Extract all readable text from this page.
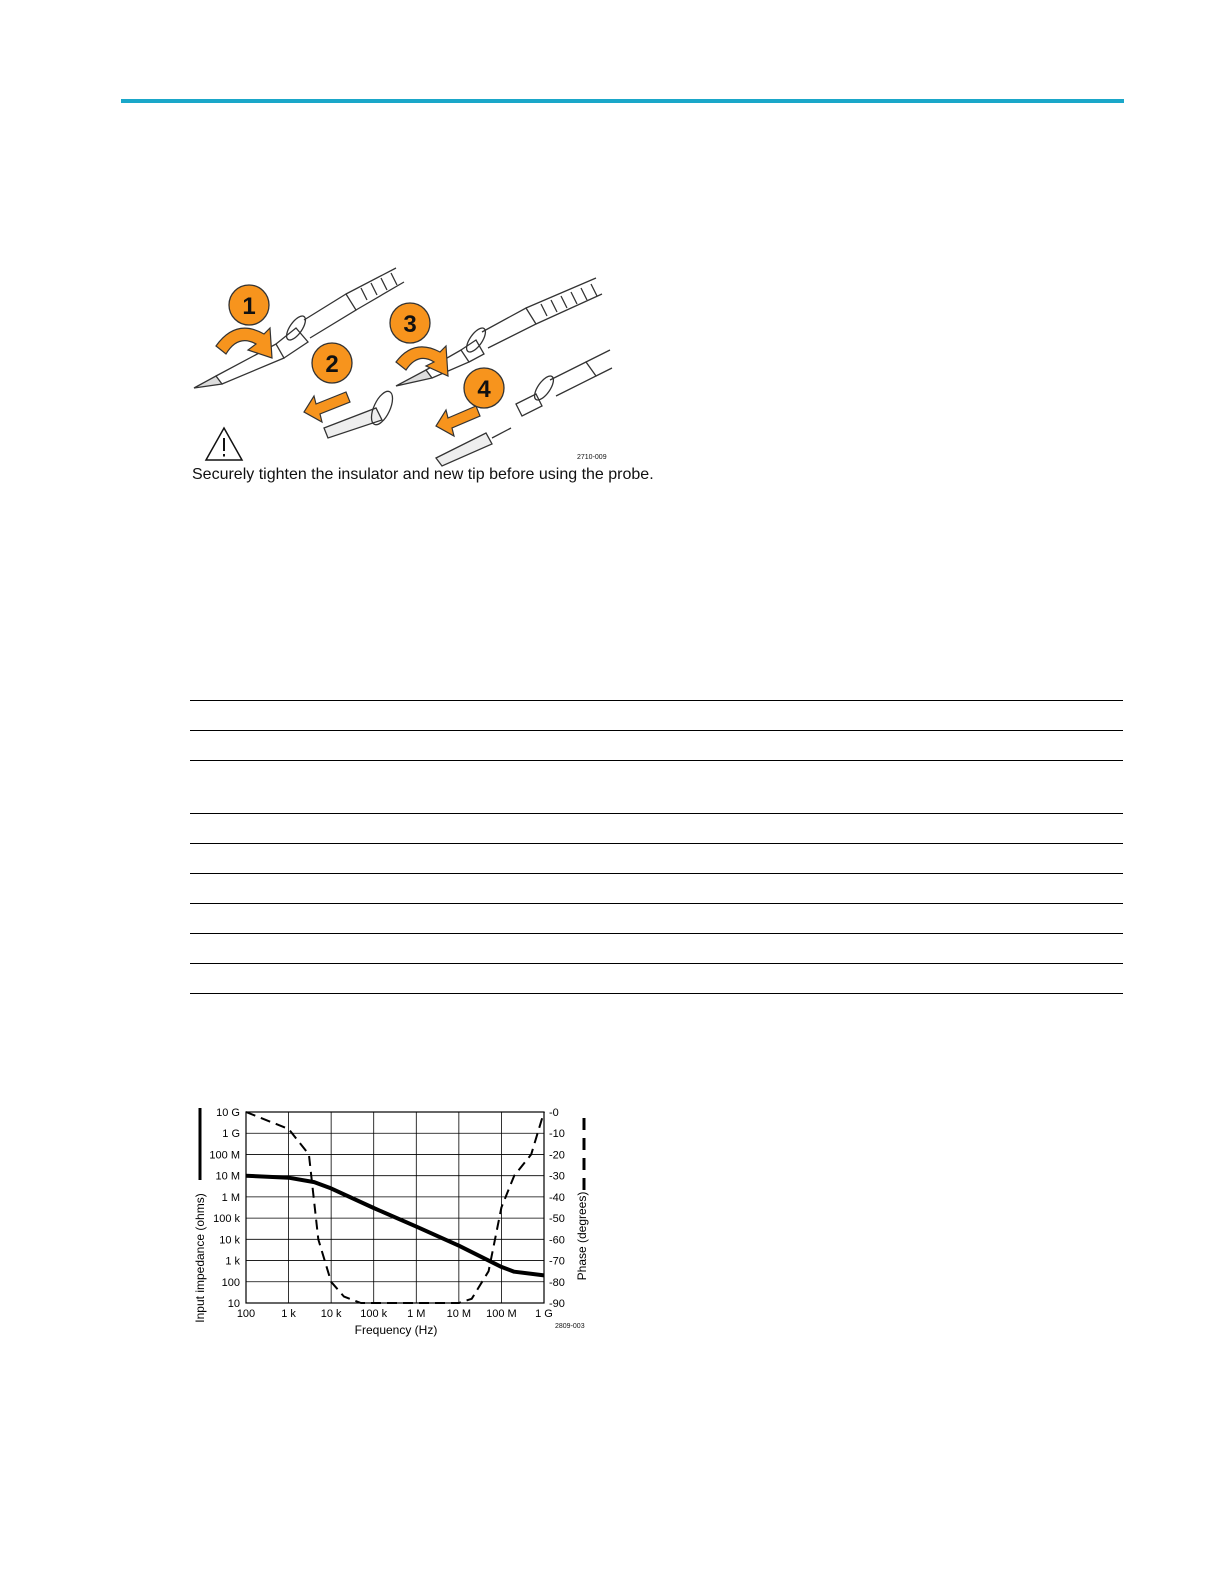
1
2
3
4
2710-009
Securely tighten the insulator and new tip before using the probe.
10 G
1 G
100 M
10 M
1 M
100 k
10 k
1 k
100
10
-0
-10
-20
-30
-40
-50
-60
-70
-80
-90
100 1 k 10 k 100 k 1 M 10 M 100 M 1 G
Frequency (Hz)
Input impedance (ohms)	Phase (degrees)
2809-003
